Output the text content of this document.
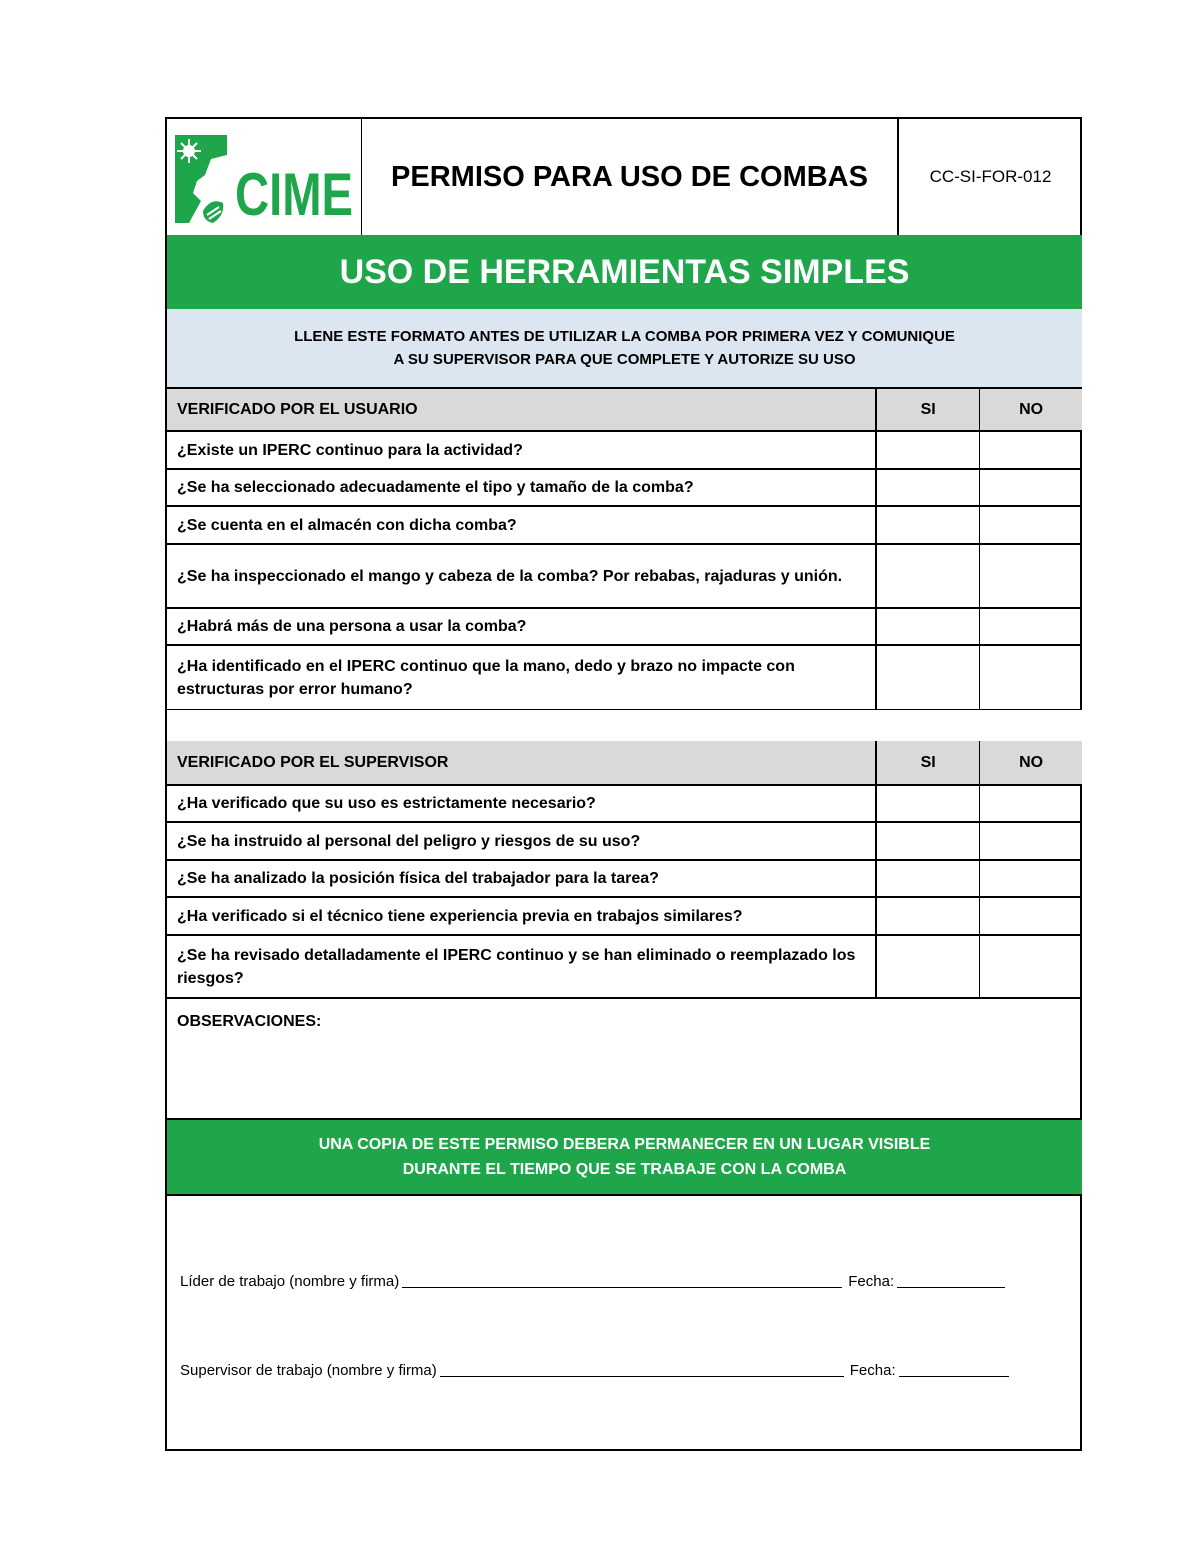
CIME	PERMISO PARA USO DE COMBAS	CC-SI-FOR-012
USO DE HERRAMIENTAS SIMPLES
LLENE ESTE FORMATO ANTES DE UTILIZAR LA COMBA POR PRIMERA VEZ Y COMUNIQUE
A SU SUPERVISOR PARA QUE COMPLETE Y AUTORIZE SU USO
VERIFICADO POR EL USUARIO	SI	NO
¿Existe un IPERC continuo para la actividad?
¿Se ha seleccionado adecuadamente el tipo y tamaño de la comba?
¿Se cuenta en el almacén con dicha comba?
¿Se ha inspeccionado el mango y cabeza de la comba? Por rebabas, rajaduras y unión.
¿Habrá más de una persona a usar la comba?
¿Ha identificado en el IPERC continuo que la mano, dedo y brazo no impacte con estructuras por error humano?
VERIFICADO POR EL SUPERVISOR	SI	NO
¿Ha verificado que su uso es estrictamente necesario?
¿Se ha instruido al personal del peligro y riesgos de su uso?
¿Se ha analizado la posición física del trabajador para la tarea?
¿Ha verificado si el técnico tiene experiencia previa en trabajos similares?
¿Se ha revisado detalladamente el IPERC continuo y se han eliminado o reemplazado los riesgos?
OBSERVACIONES:
UNA COPIA DE ESTE PERMISO DEBERA PERMANECER EN UN LUGAR VISIBLE
DURANTE EL TIEMPO QUE SE TRABAJE CON LA COMBA
Líder de trabajo (nombre y firma)	Fecha:
Supervisor de trabajo (nombre y firma)	Fecha:
